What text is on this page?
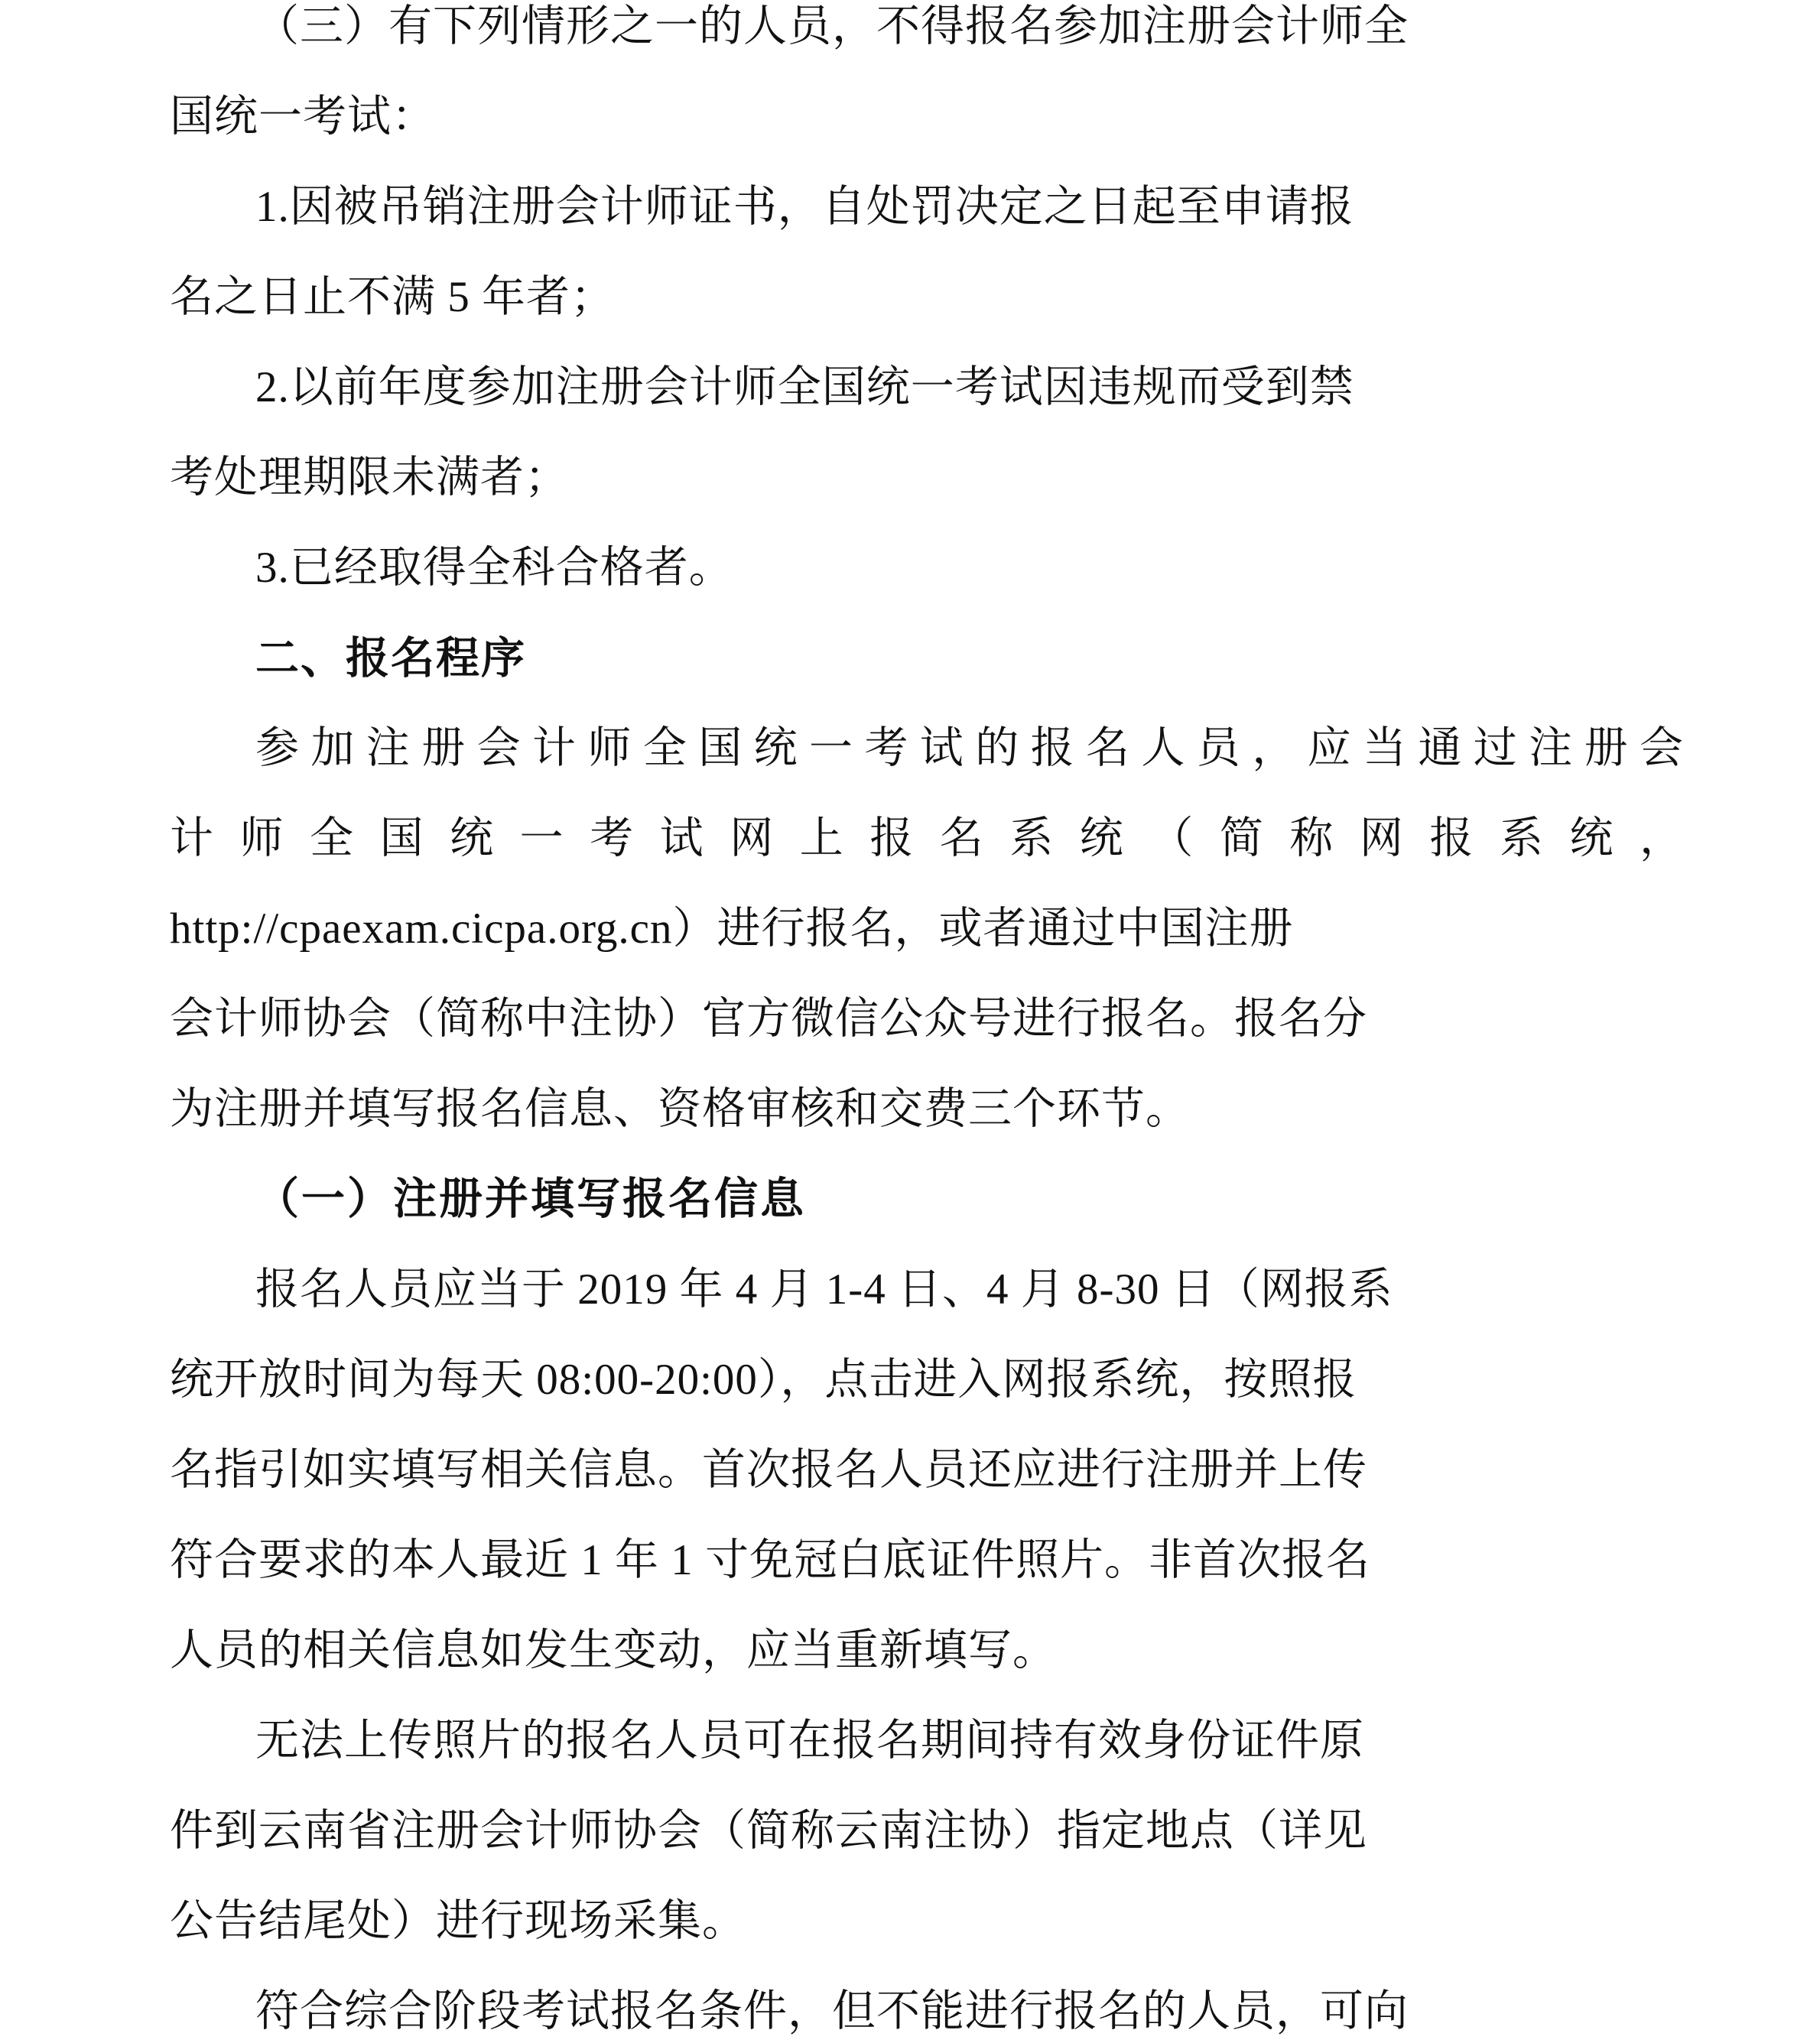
（三）有下列情形之一的人员，不得报名参加注册会计师全
国统一考试：
1.因被吊销注册会计师证书，自处罚决定之日起至申请报
名之日止不满 5 年者；
2.以前年度参加注册会计师全国统一考试因违规而受到禁
考处理期限未满者；
3.已经取得全科合格者。
二、报名程序
参加注册会计师全国统一考试的报名人员，应当通过注册会
计师全国统一考试网上报名系统（简称网报系统，
http://cpaexam.cicpa.org.cn）进行报名，或者通过中国注册
会计师协会（简称中注协）官方微信公众号进行报名。报名分
为注册并填写报名信息、资格审核和交费三个环节。
（一）注册并填写报名信息
报名人员应当于 2019 年 4 月 1-4 日、4 月 8-30 日（网报系
统开放时间为每天 08:00-20:00），点击进入网报系统，按照报
名指引如实填写相关信息。首次报名人员还应进行注册并上传
符合要求的本人最近 1 年 1 寸免冠白底证件照片。非首次报名
人员的相关信息如发生变动，应当重新填写。
无法上传照片的报名人员可在报名期间持有效身份证件原
件到云南省注册会计师协会（简称云南注协）指定地点（详见
公告结尾处）进行现场采集。
符合综合阶段考试报名条件，但不能进行报名的人员，可向
